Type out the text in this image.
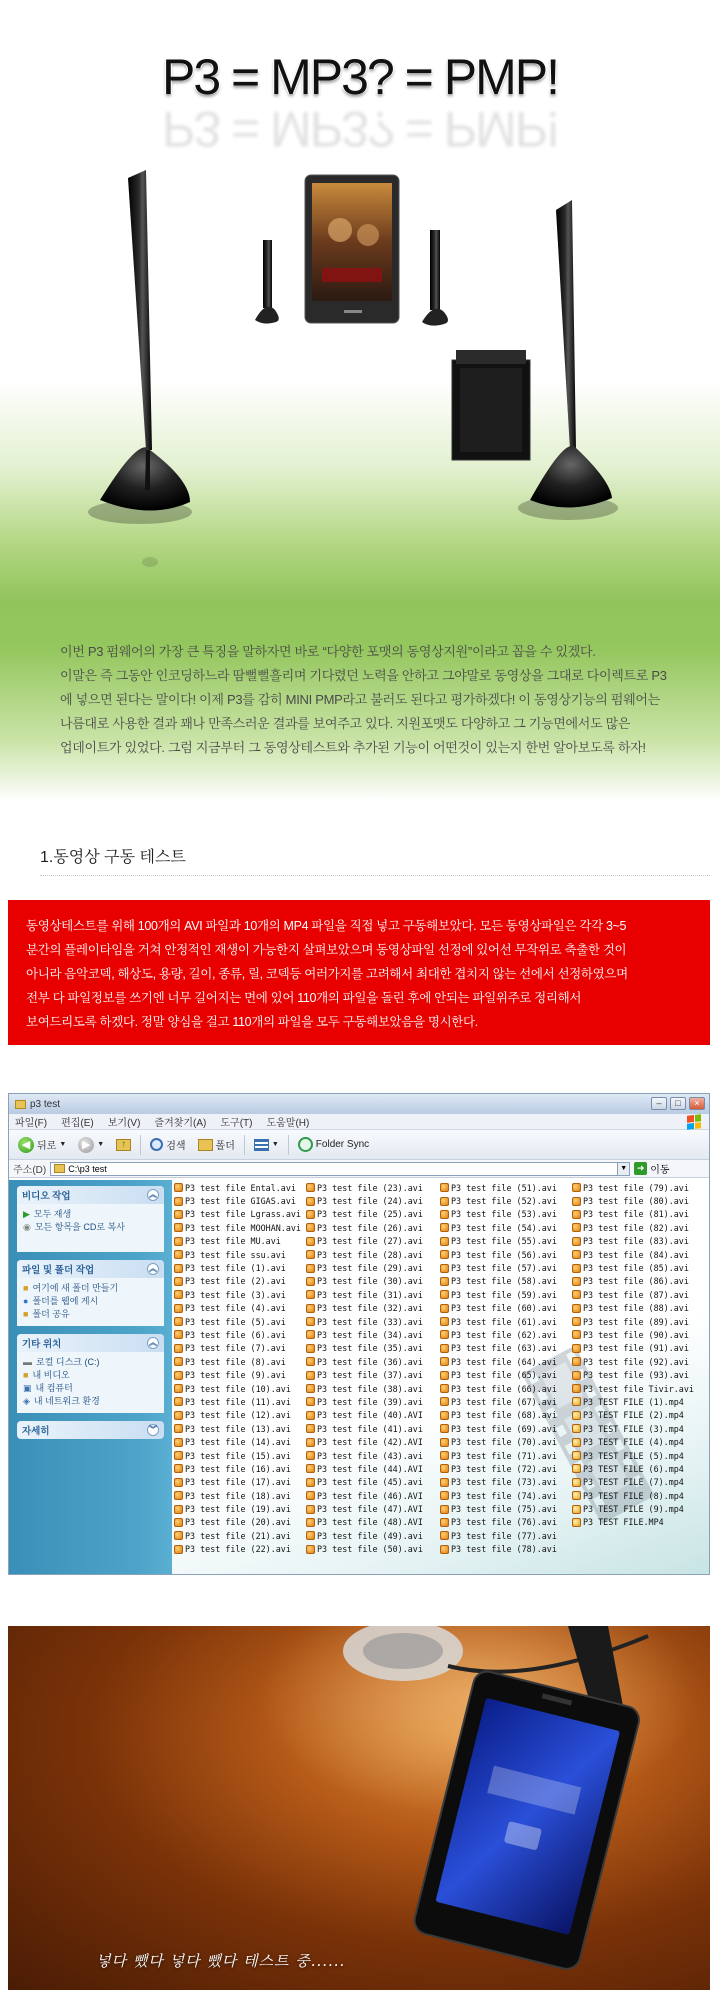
P3 = MP3? = PMP!
P3 = MP3? = PMP!

이번 P3 펌웨어의 가장 큰 특징을 말하자면 바로 “다양한 포맷의 동영상지원”이라고 꼽을 수 있겠다.

이말은 즉 그동안 인코딩하느라 땀뻘뻘흘리며 기다렸던 노력을 안하고 그야말로 동영상을 그대로 다이렉트로 P3

에 넣으면 된다는 말이다! 이제 P3를 감히 MINI PMP라고 불러도 된다고 평가하겠다! 이 동영상기능의 펌웨어는

나름대로 사용한 결과 꽤나 만족스러운 결과를 보여주고 있다. 지원포맷도 다양하고 그 기능면에서도 많은

업데이트가 있었다. 그럼 지금부터 그 동영상테스트와 추가된 기능이 어떤것이 있는지 한번 알아보도록 하자!

1.동영상 구동 테스트

동영상테스트를 위해 100개의 AVI 파일과 10개의 MP4 파일을 직접 넣고 구동해보았다. 모든 동영상파일은 각각 3~5

분간의 플레이타임을 거쳐 안정적인 재생이 가능한지 살펴보았으며 동영상파일 선정에 있어선 무작위로 축출한 것이

아니라 음악코덱, 해상도, 용량, 길이, 종류, 릴, 코덱등 여러가지를 고려해서 최대한 겹치지 않는 선에서 선정하였으며

전부 다 파일정보를 쓰기엔 너무 길어지는 면에 있어 110개의 파일을 돌린 후에 안되는 파일위주로 정리해서

보여드리도록 하겠다. 정말 양심을 걸고 110개의 파일을 모두 구동해보았음을 명시한다.

p3 test	–	□	×
파일(F) 편집(E) 보기(V) 즐겨찾기(A) 도구(T) 도움말(H)
◀ 뒤로 ▼	▶ ▼	↑	검색	폴더	▼	Folder Sync
주소(D) C:\p3 test	▼	➜ 이동
비디오 작업	︽
▶ 모두 재생
◉ 모든 항목을 CD로 복사
파일 및 폴더 작업	︽
■ 여기에 새 폴더 만들기
● 폴더를 웹에 게시
■ 폴더 공유
기타 위치	︽
▬ 로컬 디스크 (C:)
■ 내 비디오
▣ 내 컴퓨터
◈ 내 네트워크 환경
자세히	︾
P3 test file Ental.avi
P3 test file GIGAS.avi
P3 test file Lgrass.avi
P3 test file MOOHAN.avi
P3 test file MU.avi
P3 test file ssu.avi
P3 test file (1).avi
P3 test file (2).avi
P3 test file (3).avi
P3 test file (4).avi
P3 test file (5).avi
P3 test file (6).avi
P3 test file (7).avi
P3 test file (8).avi
P3 test file (9).avi
P3 test file (10).avi
P3 test file (11).avi
P3 test file (12).avi
P3 test file (13).avi
P3 test file (14).avi
P3 test file (15).avi
P3 test file (16).avi
P3 test file (17).avi
P3 test file (18).avi
P3 test file (19).avi
P3 test file (20).avi
P3 test file (21).avi
P3 test file (22).avi
P3 test file (23).avi
P3 test file (24).avi
P3 test file (25).avi
P3 test file (26).avi
P3 test file (27).avi
P3 test file (28).avi
P3 test file (29).avi
P3 test file (30).avi
P3 test file (31).avi
P3 test file (32).avi
P3 test file (33).avi
P3 test file (34).avi
P3 test file (35).avi
P3 test file (36).avi
P3 test file (37).avi
P3 test file (38).avi
P3 test file (39).avi
P3 test file (40).AVI
P3 test file (41).avi
P3 test file (42).AVI
P3 test file (43).avi
P3 test file (44).AVI
P3 test file (45).avi
P3 test file (46).AVI
P3 test file (47).AVI
P3 test file (48).AVI
P3 test file (49).avi
P3 test file (50).avi
P3 test file (51).avi
P3 test file (52).avi
P3 test file (53).avi
P3 test file (54).avi
P3 test file (55).avi
P3 test file (56).avi
P3 test file (57).avi
P3 test file (58).avi
P3 test file (59).avi
P3 test file (60).avi
P3 test file (61).avi
P3 test file (62).avi
P3 test file (63).avi
P3 test file (64).avi
P3 test file (65).avi
P3 test file (66).avi
P3 test file (67).avi
P3 test file (68).avi
P3 test file (69).avi
P3 test file (70).avi
P3 test file (71).avi
P3 test file (72).avi
P3 test file (73).avi
P3 test file (74).avi
P3 test file (75).avi
P3 test file (76).avi
P3 test file (77).avi
P3 test file (78).avi
P3 test file (79).avi
P3 test file (80).avi
P3 test file (81).avi
P3 test file (82).avi
P3 test file (83).avi
P3 test file (84).avi
P3 test file (85).avi
P3 test file (86).avi
P3 test file (87).avi
P3 test file (88).avi
P3 test file (89).avi
P3 test file (90).avi
P3 test file (91).avi
P3 test file (92).avi
P3 test file (93).avi
P3 test file Tivir.avi
P3 TEST FILE (1).mp4
P3 TEST FILE (2).mp4
P3 TEST FILE (3).mp4
P3 TEST FILE (4).mp4
P3 TEST FILE (5).mp4
P3 TEST FILE (6).mp4
P3 TEST FILE (7).mp4
P3 TEST FILE (8).mp4
P3 TEST FILE (9).mp4
P3 TEST FILE.MP4
넣다 뺐다 넣다 뺐다 테스트 중......
